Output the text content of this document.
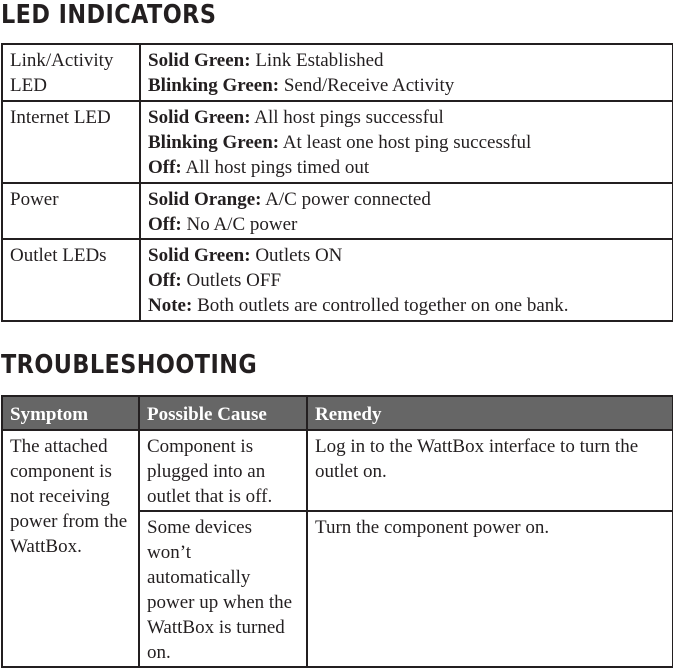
LED INDICATORS
Link/Activity LED	Solid Green: Link Established
Blinking Green: Send/Receive Activity

Internet LED	Solid Green: All host pings successful
Blinking Green: At least one host ping successful
Off: All host pings timed out

Power	Solid Orange: A/C power connected
Off: No A/C power

Outlet LEDs	Solid Green: Outlets ON
Off: Outlets OFF
Note: Both outlets are controlled together on one bank.
TROUBLESHOOTING
Symptom	Possible Cause	Remedy
The attached component is not receiving power from the WattBox.	Component is plugged into an outlet that is off.	Log in to the WattBox interface to turn the outlet on.
	Some devices won’t automatically power up when the WattBox is turned on.	Turn the component power on.
